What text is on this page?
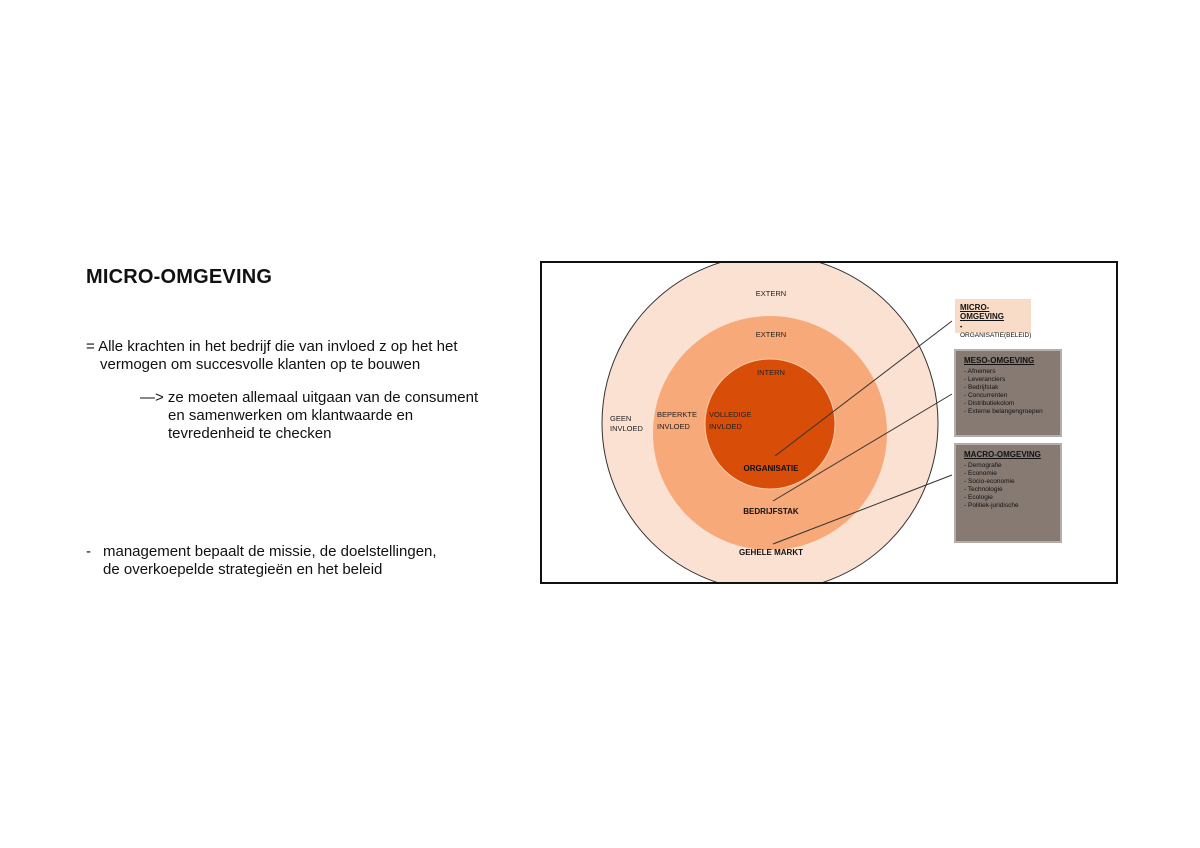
MICRO-OMGEVING
= Alle krachten in het bedrijf die van invloed z op het het
vermogen om succesvolle klanten op te bouwen
—> ze moeten allemaal uitgaan van de consument
en samenwerken om klantwaarde en
tevredenheid te checken
- management bepaalt de missie, de doelstellingen,
de overkoepelde strategieën en het beleid
EXTERN
GEEN
INVLOED
GEHELE MARKT
EXTERN
BEPERKTE
INVLOED
BEDRIJFSTAK
INTERN
VOLLEDIGE
INVLOED
ORGANISATIE
MICRO-OMGEVING
• ORGANISATIE(BELEID)
MESO-OMGEVING
- Afnemers
- Leveranciers
- Bedrijfstak
- Concurrenten
- Distributiekolom
- Externe belangengroepen
MACRO-OMGEVING
- Demografie
- Economie
- Socio-economie
- Technologie
- Ecologie
- Politiek-juridische
